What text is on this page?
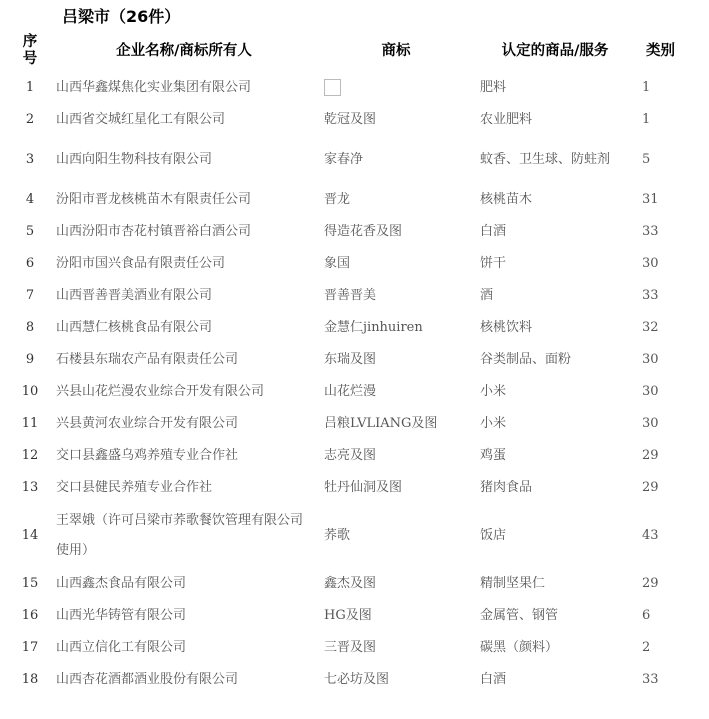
吕梁市（26件）
序
号	企业名称/商标所有人	商标	认定的商品/服务	类别
1	山西华鑫煤焦化实业集团有限公司		肥料	1
2	山西省交城红星化工有限公司	乾冠及图	农业肥料	1
3	山西向阳生物科技有限公司	家春净	蚊香、卫生球、防蛀剂	5
4	汾阳市晋龙核桃苗木有限责任公司	晋龙	核桃苗木	31
5	山西汾阳市杏花村镇晋裕白酒公司	得造花香及图	白酒	33
6	汾阳市国兴食品有限责任公司	象国	饼干	30
7	山西晋善晋美酒业有限公司	晋善晋美	酒	33
8	山西慧仁核桃食品有限公司	金慧仁jinhuiren	核桃饮料	32
9	石楼县东瑞农产品有限责任公司	东瑞及图	谷类制品、面粉	30
10	兴县山花烂漫农业综合开发有限公司	山花烂漫	小米	30
11	兴县黄河农业综合开发有限公司	吕粮LVLIANG及图	小米	30
12	交口县鑫盛乌鸡养殖专业合作社	志亮及图	鸡蛋	29
13	交口县健民养殖专业合作社	牡丹仙洞及图	猪肉食品	29
14	王翠娥（许可吕梁市荞歌餐饮管理有限公司使用）	荞歌	饭店	43
15	山西鑫杰食品有限公司	鑫杰及图	精制坚果仁	29
16	山西光华铸管有限公司	HG及图	金属管、钢管	6
17	山西立信化工有限公司	三晋及图	碳黑（颜料）	2
18	山西杏花酒都酒业股份有限公司	七必坊及图	白酒	33
